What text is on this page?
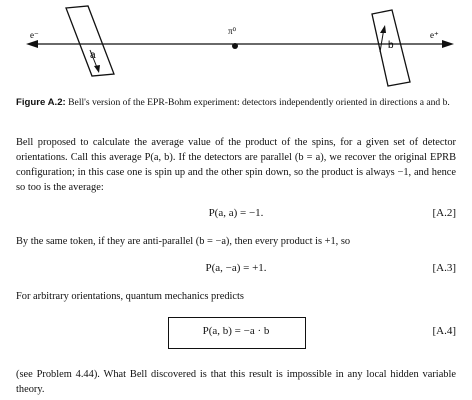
e⁻	π⁰	e⁺
a
b
Figure A.2: Bell's version of the EPR-Bohm experiment: detectors independently oriented in directions a and b.
Bell proposed to calculate the average value of the product of the spins, for a given set of detector orientations. Call this average P(a, b). If the detectors are parallel (b = a), we recover the original EPRB configuration; in this case one is spin up and the other spin down, so the product is always −1, and hence so too is the average:
P(a, a) = −1.	[A.2]
By the same token, if they are anti-parallel (b = −a), then every product is +1, so
P(a, −a) = +1.	[A.3]
For arbitrary orientations, quantum mechanics predicts
P(a, b) = −a · b	[A.4]
(see Problem 4.44). What Bell discovered is that this result is impossible in any local hidden variable theory.
